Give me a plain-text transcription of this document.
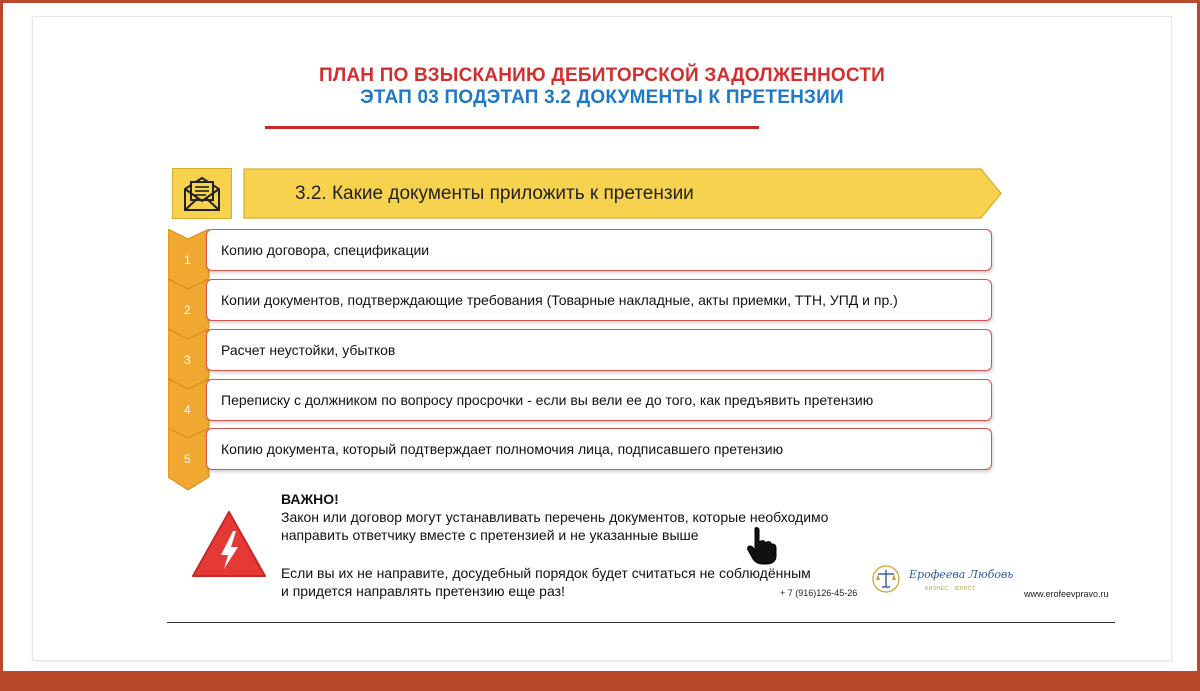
ПЛАН ПО ВЗЫСКАНИЮ ДЕБИТОРСКОЙ ЗАДОЛЖЕННОСТИ
ЭТАП 03 ПОДЭТАП 3.2 ДОКУМЕНТЫ К ПРЕТЕНЗИИ
3.2. Какие документы приложить к претензии
1
Копию договора, спецификации
2
Копии документов, подтверждающие требования (Товарные накладные, акты приемки, ТТН, УПД и пр.)
3
Расчет неустойки, убытков
4
Переписку с должником по вопросу просрочки - если вы вели ее до того, как предъявить претензию
5
Копию документа, который подтверждает полномочия лица, подписавшего претензию

ВАЖНО!

Закон или договор могут устанавливать перечень документов, которые необходимо

направить ответчику вместе с претензией и не указанные выше

Если вы их не направите, досудебный порядок будет считаться не соблюдённым

и придется направлять претензию еще раз!	+ 7 (916)126-45-26
Ерофеева Любовь
БИЗНЕС · ЮРИСТ	www.erofeevpravo.ru
